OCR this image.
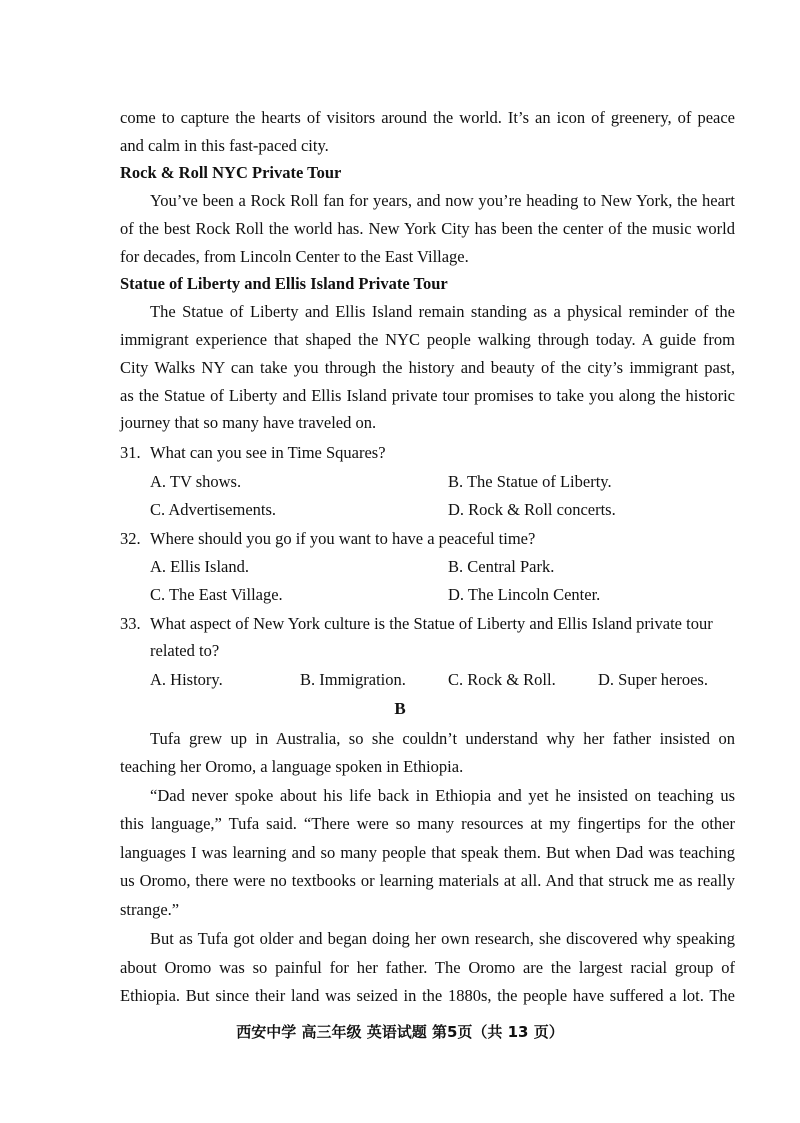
come to capture the hearts of visitors around the world. It’s an icon of greenery, of peace
and calm in this fast-paced city.
Rock & Roll NYC Private Tour
You’ve been a Rock Roll fan for years, and now you’re heading to New York, the heart
of the best Rock Roll the world has. New York City has been the center of the music world
for decades, from Lincoln Center to the East Village.
Statue of Liberty and Ellis Island Private Tour
The Statue of Liberty and Ellis Island remain standing as a physical reminder of the
immigrant experience that shaped the NYC people walking through today. A guide from
City Walks NY can take you through the history and beauty of the city’s immigrant past,
as the Statue of Liberty and Ellis Island private tour promises to take you along the historic
journey that so many have traveled on.
31. What can you see in Time Squares?
A. TV shows.	B. The Statue of Liberty.
C. Advertisements.	D. Rock & Roll concerts.
32. Where should you go if you want to have a peaceful time?
A. Ellis Island.	B. Central Park.
C. The East Village.	D. The Lincoln Center.
33. What aspect of New York culture is the Statue of Liberty and Ellis Island private tour
related to?
A. History.	B. Immigration.	C. Rock & Roll.	D. Super heroes.
B
Tufa grew up in Australia, so she couldn’t understand why her father insisted on
teaching her Oromo, a language spoken in Ethiopia.
“Dad never spoke about his life back in Ethiopia and yet he insisted on teaching us
this language,” Tufa said. “There were so many resources at my fingertips for the other
languages I was learning and so many people that speak them. But when Dad was teaching
us Oromo, there were no textbooks or learning materials at all. And that struck me as really
strange.”
But as Tufa got older and began doing her own research, she discovered why speaking
about Oromo was so painful for her father. The Oromo are the largest racial group of
Ethiopia. But since their land was seized in the 1880s, the people have suffered a lot. The
西安中学 高三年级 英语试题 第5页（共 13 页）
